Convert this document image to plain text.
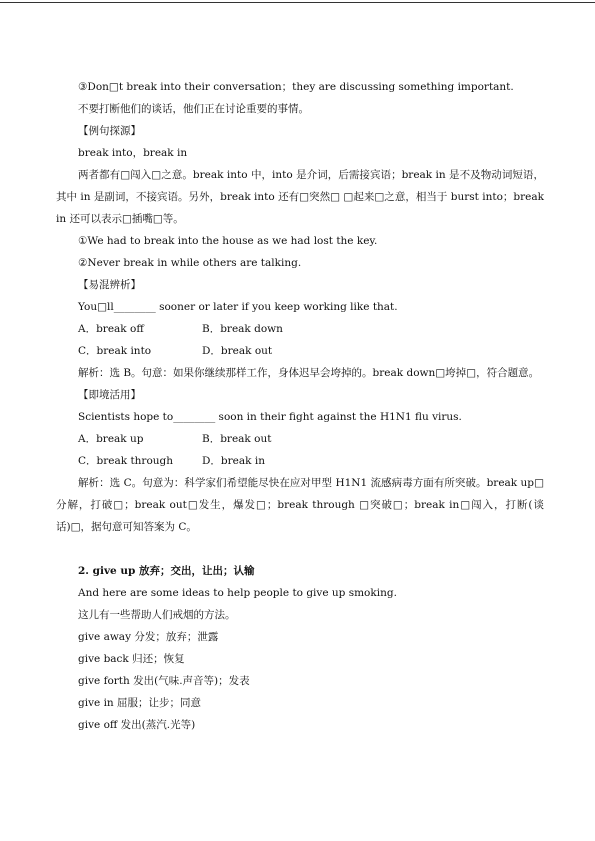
③Don□t break into their conversation；they are discussing something important.
不要打断他们的谈话，他们正在讨论重要的事情。
【例句探源】
break into，break in
两者都有□闯入□之意。break into 中，into 是介词，后需接宾语；break in 是不及物动词短语，其中 in 是副词，不接宾语。另外，break into 还有□突然□ □起来□之意，相当于 burst into；break in 还可以表示□插嘴□等。
①We had to break into the house as we had lost the key.
②Never break in while others are talking.
【易混辨析】
You□ll________ sooner or later if you keep working like that.
A．break off	B．break down
C．break into	D．break out
解析：选 B。句意：如果你继续那样工作，身体迟早会垮掉的。break down□垮掉□，符合题意。
【即境活用】
Scientists hope to________ soon in their fight against the H1N1 flu virus.
A．break up	B．break out
C．break through	D．break in
解析：选 C。句意为：科学家们希望能尽快在应对甲型 H1N1 流感病毒方面有所突破。break up□分解，打破□；break out□发生，爆发□；break through □突破□；break in□闯入，打断(谈话)□，据句意可知答案为 C。
2. give up 放弃；交出，让出；认输
And here are some ideas to help people to give up smoking.
这儿有一些帮助人们戒烟的方法。
give away 分发；放弃；泄露
give back 归还；恢复
give forth 发出(气味.声音等)；发表
give in 屈服；让步；同意
give off 发出(蒸汽.光等)
